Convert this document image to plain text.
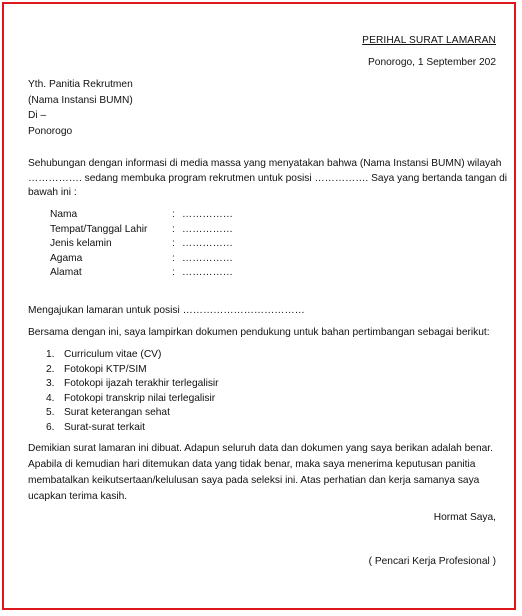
PERIHAL SURAT LAMARAN
Ponorogo, 1 September 202
Yth. Panitia Rekrutmen
(Nama Instansi BUMN)
Di –
Ponorogo
Sehubungan dengan informasi di media massa yang menyatakan bahwa (Nama Instansi BUMN) wilayah
……………. sedang membuka program rekrutmen untuk posisi ……………. Saya yang bertanda tangan di
bawah ini :
Nama	: ……………
Tempat/Tanggal Lahir	: ……………
Jenis kelamin	: ……………
Agama	: ……………
Alamat	: ……………
Mengajukan lamaran untuk posisi ………………………………
Bersama dengan ini, saya lampirkan dokumen pendukung untuk bahan pertimbangan sebagai berikut:
1. Curriculum vitae (CV)
2. Fotokopi KTP/SIM
3. Fotokopi ijazah terakhir terlegalisir
4. Fotokopi transkrip nilai terlegalisir
5. Surat keterangan sehat
6. Surat-surat terkait
Demikian surat lamaran ini dibuat. Adapun seluruh data dan dokumen yang saya berikan adalah benar.
Apabila di kemudian hari ditemukan data yang tidak benar, maka saya menerima keputusan panitia
membatalkan keikutsertaan/kelulusan saya pada seleksi ini. Atas perhatian dan kerja samanya saya
ucapkan terima kasih.
Hormat Saya,
( Pencari Kerja Profesional )
